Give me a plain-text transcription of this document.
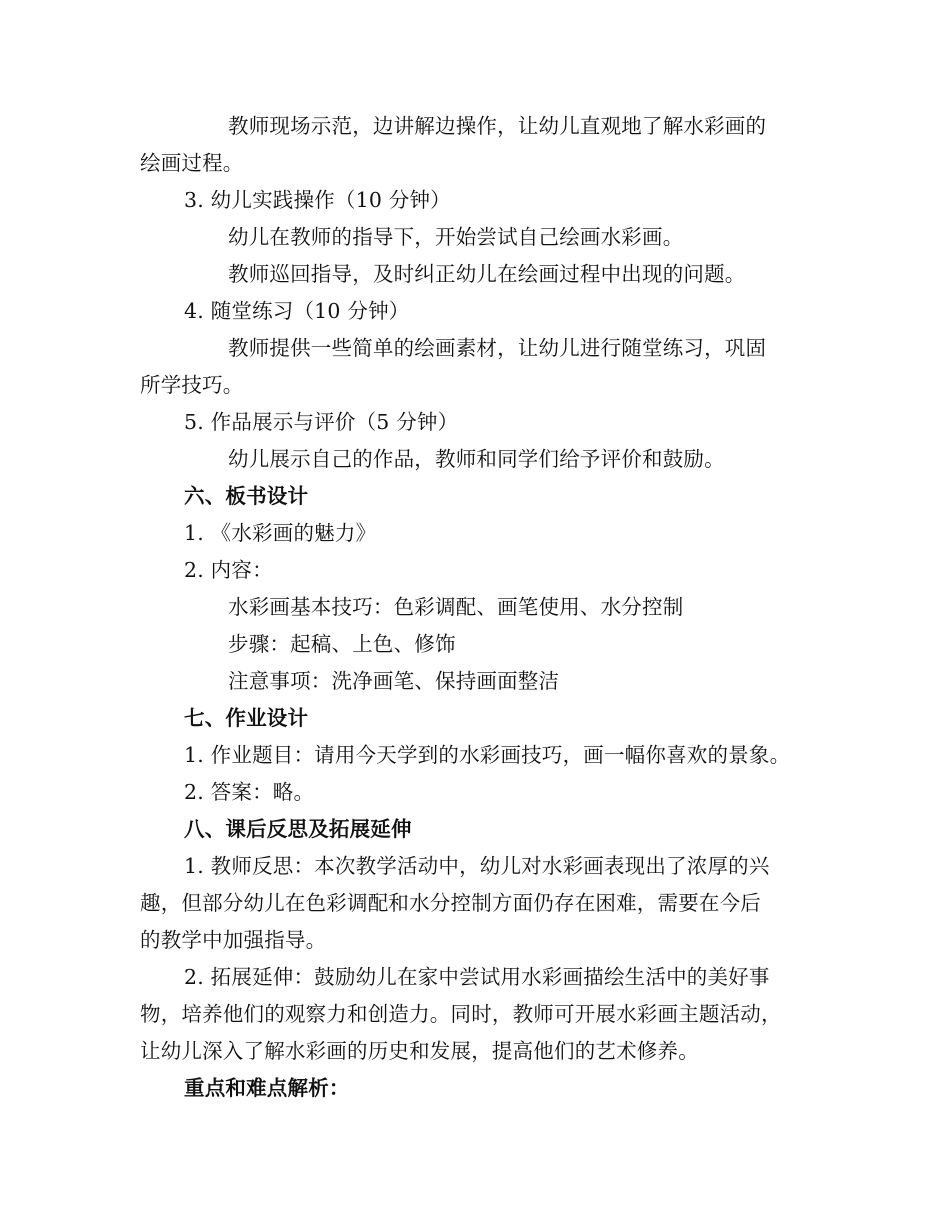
教师现场示范，边讲解边操作，让幼儿直观地了解水彩画的
绘画过程。
3. 幼儿实践操作（10 分钟）
幼儿在教师的指导下，开始尝试自己绘画水彩画。
教师巡回指导，及时纠正幼儿在绘画过程中出现的问题。
4. 随堂练习（10 分钟）
教师提供一些简单的绘画素材，让幼儿进行随堂练习，巩固
所学技巧。
5. 作品展示与评价（5 分钟）
幼儿展示自己的作品，教师和同学们给予评价和鼓励。
六、板书设计
1. 《水彩画的魅力》
2. 内容：
水彩画基本技巧：色彩调配、画笔使用、水分控制
步骤：起稿、上色、修饰
注意事项：洗净画笔、保持画面整洁
七、作业设计
1. 作业题目：请用今天学到的水彩画技巧，画一幅你喜欢的景象。
2. 答案：略。
八、课后反思及拓展延伸
1. 教师反思：本次教学活动中，幼儿对水彩画表现出了浓厚的兴
趣，但部分幼儿在色彩调配和水分控制方面仍存在困难，需要在今后
的教学中加强指导。
2. 拓展延伸：鼓励幼儿在家中尝试用水彩画描绘生活中的美好事
物，培养他们的观察力和创造力。同时，教师可开展水彩画主题活动，
让幼儿深入了解水彩画的历史和发展，提高他们的艺术修养。
重点和难点解析：
